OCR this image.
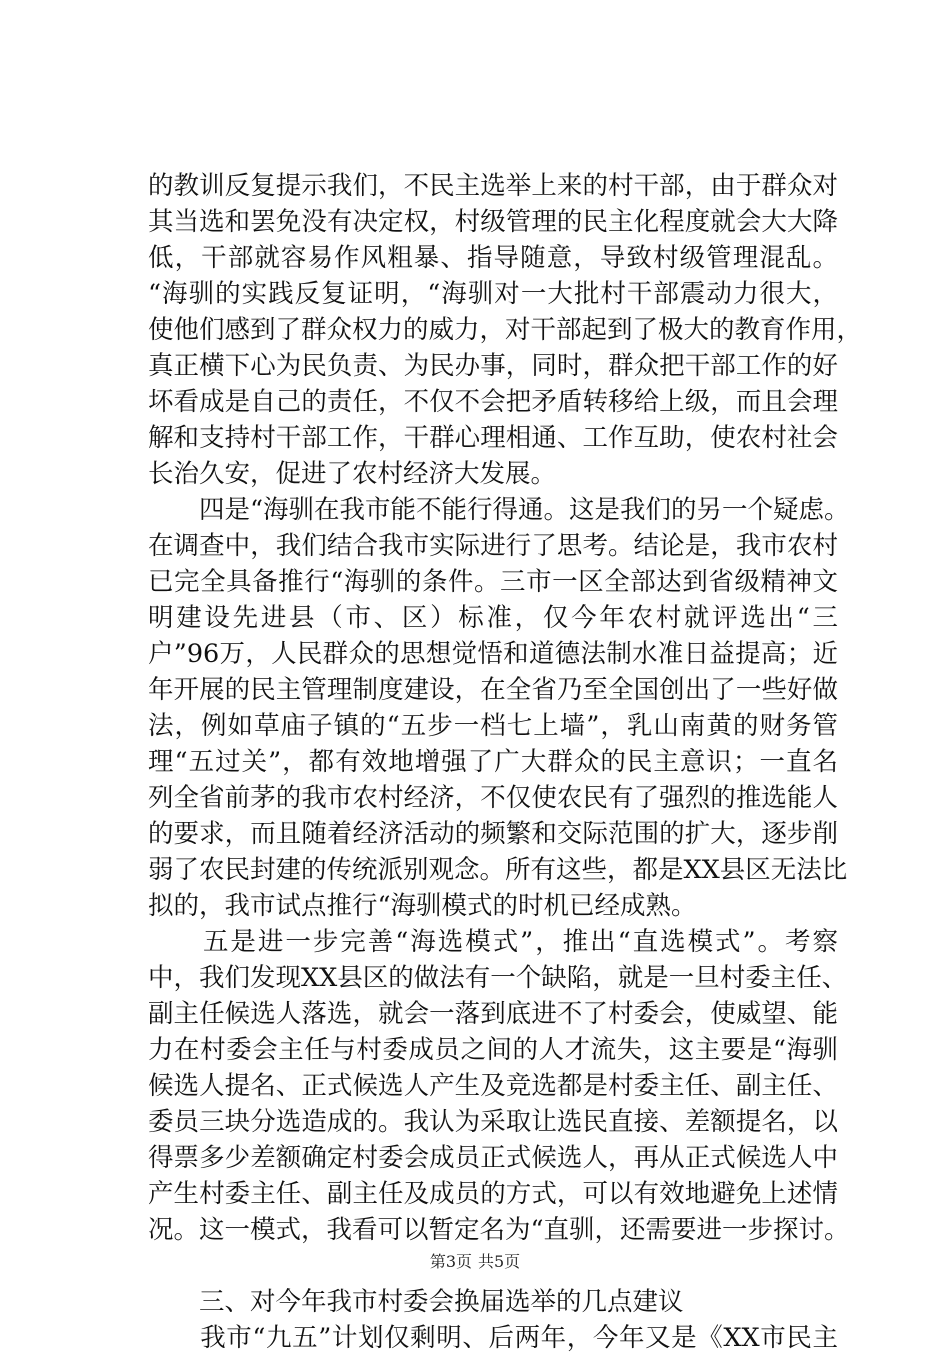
的教训反复提示我们，不民主选举上来的村干部，由于群众对
其当选和罢免没有决定权，村级管理的民主化程度就会大大降
低，干部就容易作风粗暴、指导随意，导致村级管理混乱。
“海驯的实践反复证明，“海驯对一大批村干部震动力很大，
使他们感到了群众权力的威力，对干部起到了极大的教育作用，
真正横下心为民负责、为民办事，同时，群众把干部工作的好
坏看成是自己的责任，不仅不会把矛盾转移给上级，而且会理
解和支持村干部工作，干群心理相通、工作互助，使农村社会
长治久安，促进了农村经济大发展。
　　四是“海驯在我市能不能行得通。这是我们的另一个疑虑。
在调查中，我们结合我市实际进行了思考。结论是，我市农村
已完全具备推行“海驯的条件。三市一区全部达到省级精神文
明建设先进县（市、区）标准，仅今年农村就评选出“三
户”96万，人民群众的思想觉悟和道德法制水准日益提高；近
年开展的民主管理制度建设，在全省乃至全国创出了一些好做
法，例如草庙子镇的“五步一档七上墙”，乳山南黄的财务管
理“五过关”，都有效地增强了广大群众的民主意识；一直名
列全省前茅的我市农村经济，不仅使农民有了强烈的推选能人
的要求，而且随着经济活动的频繁和交际范围的扩大，逐步削
弱了农民封建的传统派别观念。所有这些，都是XX县区无法比
拟的，我市试点推行“海驯模式的时机已经成熟。
　　五是进一步完善“海选模式”，推出“直选模式”。考察
中，我们发现XX县区的做法有一个缺陷，就是一旦村委主任、
副主任候选人落选，就会一落到底进不了村委会，使威望、能
力在村委会主任与村委成员之间的人才流失，这主要是“海驯
候选人提名、正式候选人产生及竞选都是村委主任、副主任、
委员三块分选造成的。我认为采取让选民直接、差额提名，以
得票多少差额确定村委会成员正式候选人，再从正式候选人中
产生村委主任、副主任及成员的方式，可以有效地避免上述情
况。这一模式，我看可以暂定名为“直驯，还需要进一步探讨。
　　三、对今年我市村委会换届选举的几点建议
　　我市“九五”计划仅剩明、后两年，今年又是《XX市民主
第3页 共5页
